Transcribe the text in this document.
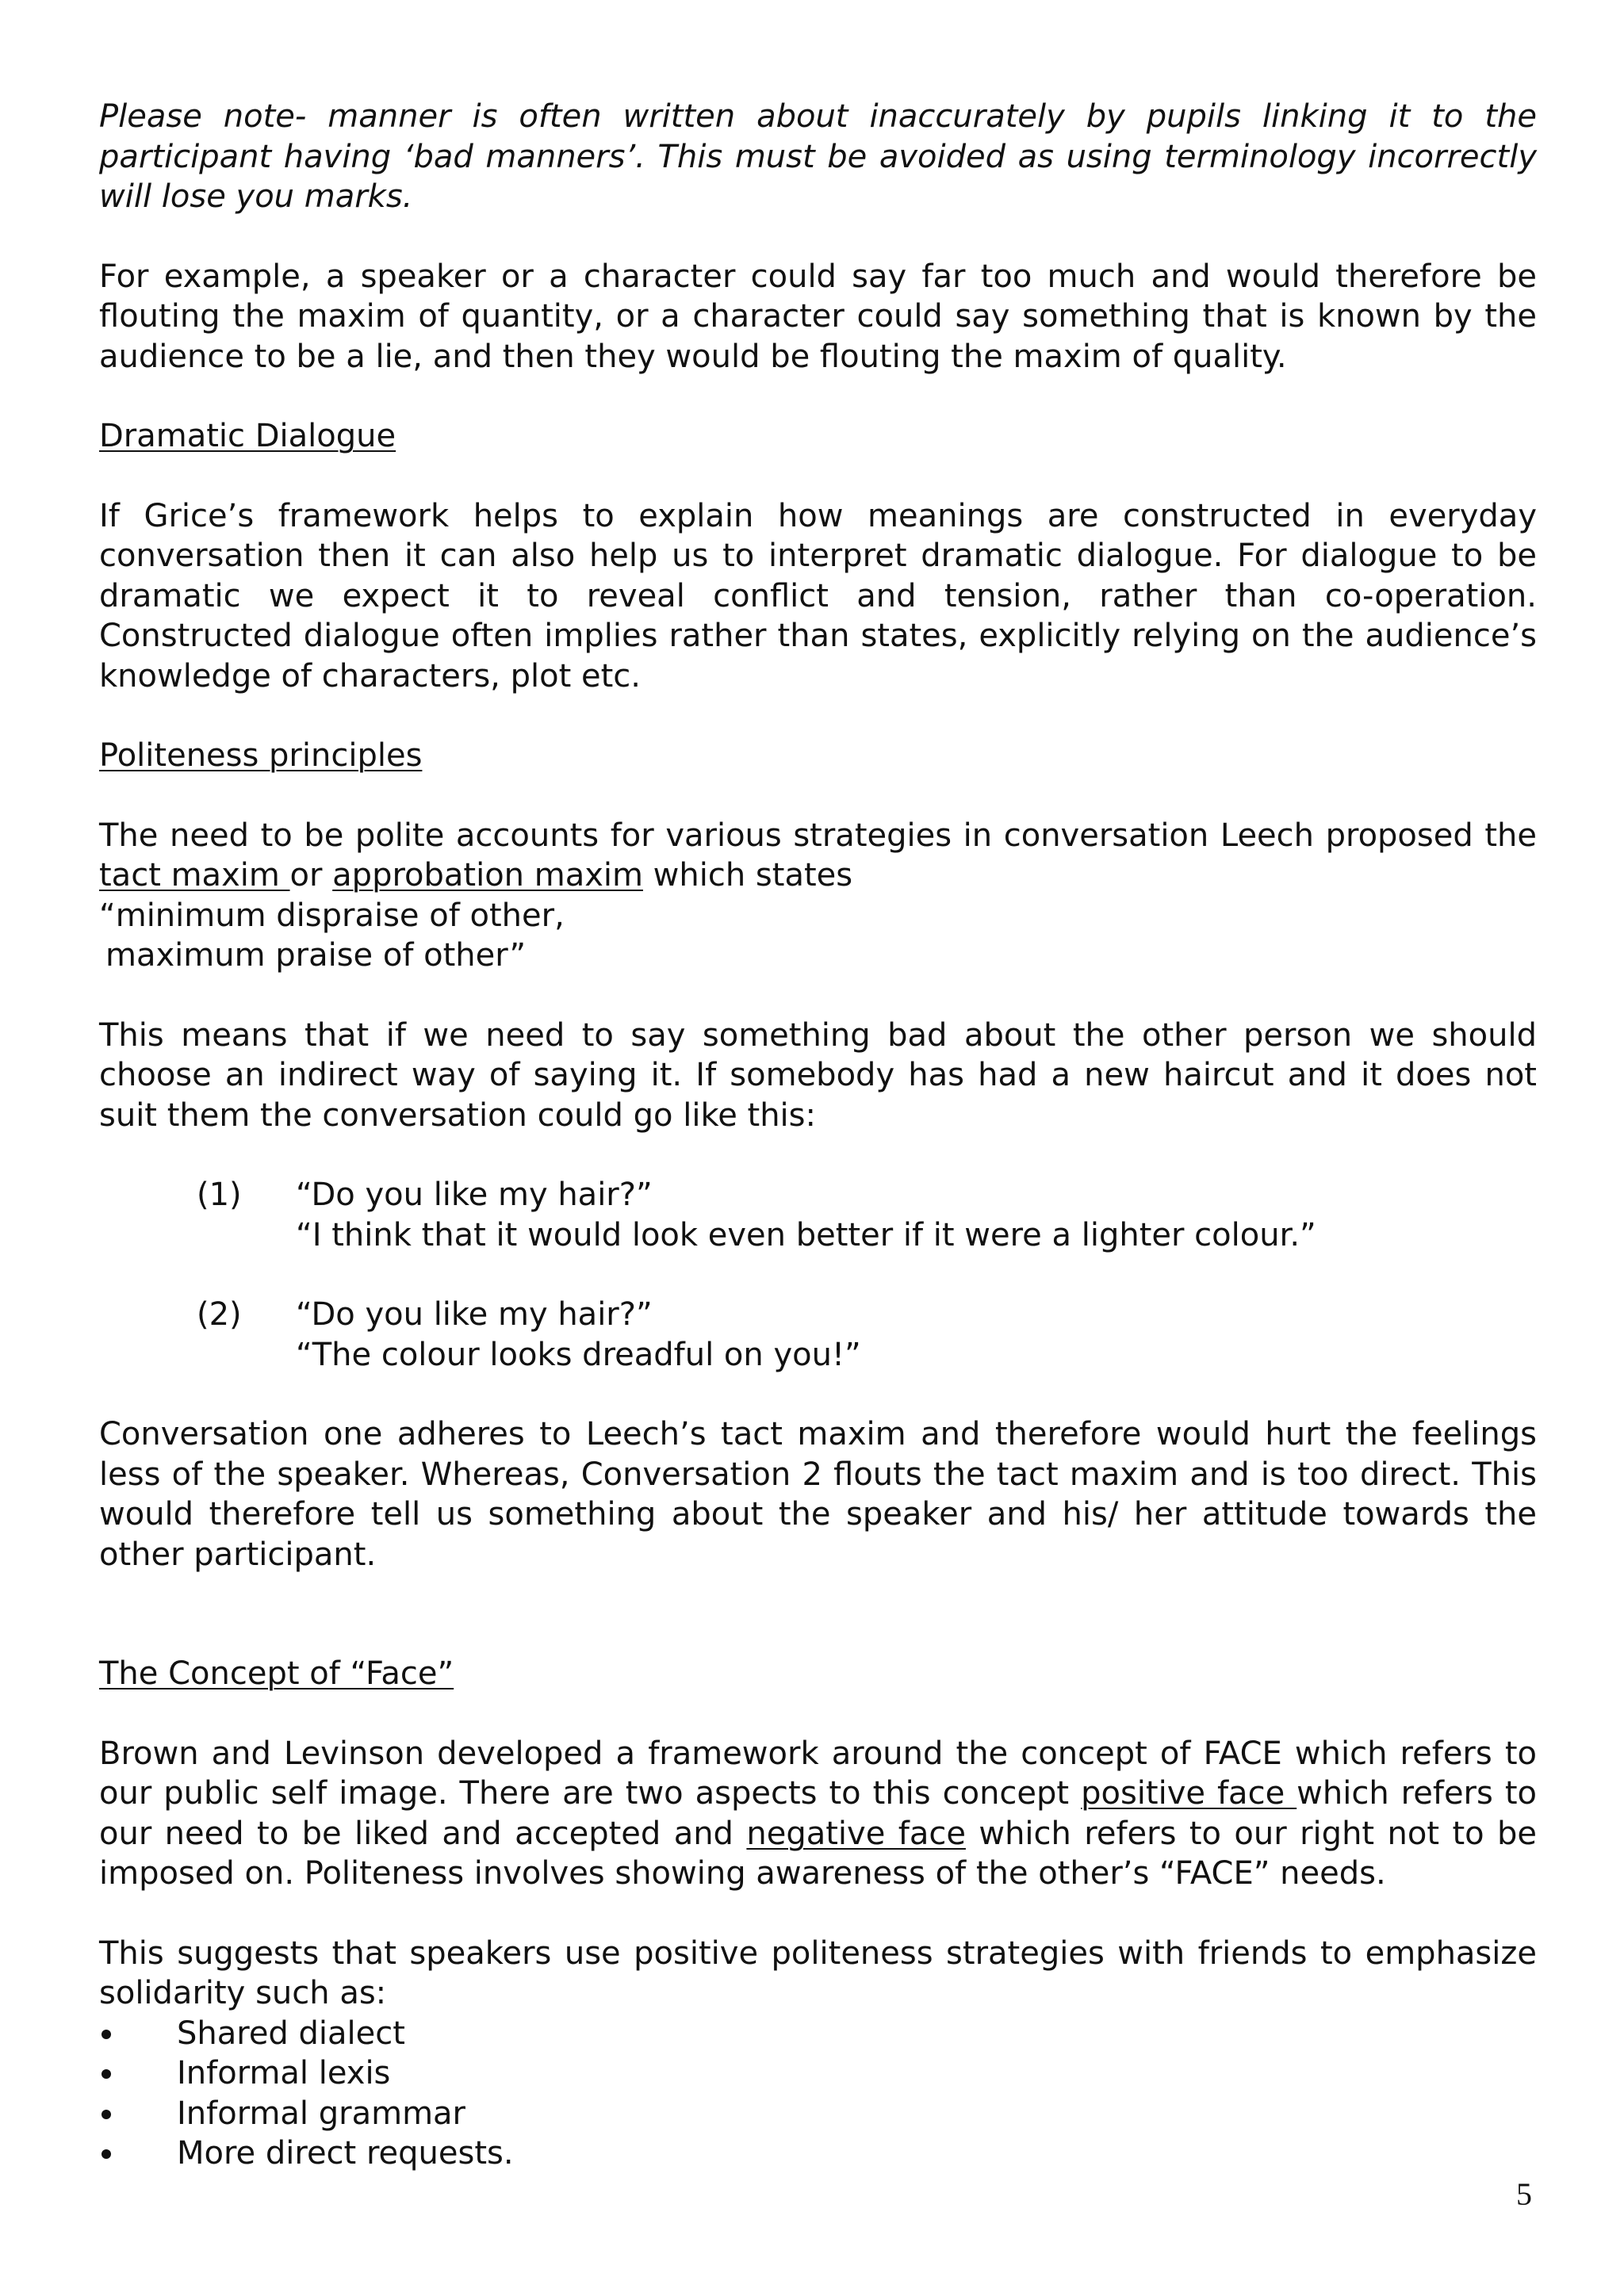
Please note- manner is often written about inaccurately by pupils linking it to the participant having ‘bad manners’. This must be avoided as using terminology incorrectly will lose you marks.

For example, a speaker or a character could say far too much and would therefore be flouting the maxim of quantity, or a character could say something that is known by the audience to be a lie, and then they would be flouting the maxim of quality.

Dramatic Dialogue

If Grice’s framework helps to explain how meanings are constructed in everyday conversation then it can also help us to interpret dramatic dialogue. For dialogue to be dramatic we expect it to reveal conflict and tension, rather than co-operation. Constructed dialogue often implies rather than states, explicitly relying on the audience’s knowledge of characters, plot etc.

Politeness principles

The need to be polite accounts for various strategies in conversation Leech proposed the tact maxim or approbation maxim which states
“minimum dispraise of other,
maximum praise of other”

This means that if we need to say something bad about the other person we should choose an indirect way of saying it. If somebody has had a new haircut and it does not suit them the conversation could go like this:

(1) “Do you like my hair?”
“I think that it would look even better if it were a lighter colour.”
(2) “Do you like my hair?”
“The colour looks dreadful on you!”

Conversation one adheres to Leech’s tact maxim and therefore would hurt the feelings less of the speaker. Whereas, Conversation 2 flouts the tact maxim and is too direct. This would therefore tell us something about the speaker and his/ her attitude towards the other participant.

The Concept of “Face”

Brown and Levinson developed a framework around the concept of FACE which refers to our public self image. There are two aspects to this concept positive face which refers to our need to be liked and accepted and negative face which refers to our right not to be imposed on. Politeness involves showing awareness of the other’s “FACE” needs.

This suggests that speakers use positive politeness strategies with friends to emphasize solidarity such as:

Shared dialect
Informal lexis
Informal grammar
More direct requests.
5
